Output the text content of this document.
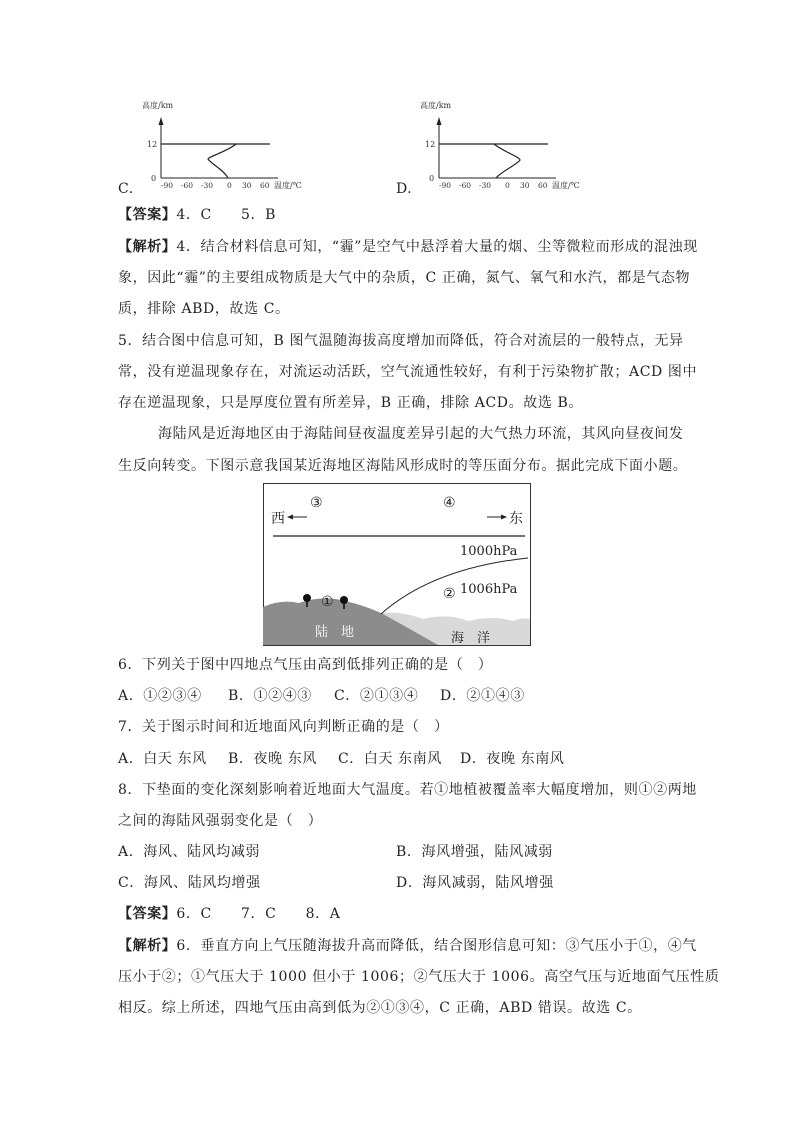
C．
高度/km
12
0
-90 -60 -30 0 30 60 温度/℃	D．
高度/km
12
0
-90 -60 -30 0 30 60 温度/℃
【答案】4．C　　5．B
【解析】4．结合材料信息可知，“霾”是空气中悬浮着大量的烟、尘等微粒而形成的混浊现
象，因此“霾”的主要组成物质是大气中的杂质，C 正确，氮气、氧气和水汽，都是气态物
质，排除 ABD，故选 C。
5．结合图中信息可知，B 图气温随海拔高度增加而降低，符合对流层的一般特点，无异
常，没有逆温现象存在，对流运动活跃，空气流通性较好，有利于污染物扩散；ACD 图中
存在逆温现象，只是厚度位置有所差异，B 正确，排除 ACD。故选 B。
海陆风是近海地区由于海陆间昼夜温度差异引起的大气热力环流，其风向昼夜间发
生反向转变。下图示意我国某近海地区海陆风形成时的等压面分布。据此完成下面小题。
③	④
西	东
1000hPa
1006hPa
①	②
陆　地	海　洋
6．下列关于图中四地点气压由高到低排列正确的是（　）
A．①②③④ B．①②④③ C．②①③④ D．②①④③
7．关于图示时间和近地面风向判断正确的是（　）
A．白天 东风 B．夜晚 东风 C．白天 东南风 D．夜晚 东南风
8．下垫面的变化深刻影响着近地面大气温度。若①地植被覆盖率大幅度增加，则①②两地
之间的海陆风强弱变化是（　）
A．海风、陆风均减弱	B．海风增强，陆风减弱
C．海风、陆风均增强	D．海风减弱，陆风增强
【答案】6．C　　7．C　　8．A
【解析】6．垂直方向上气压随海拔升高而降低，结合图形信息可知：③气压小于①，④气
压小于②；①气压大于 1000 但小于 1006；②气压大于 1006。高空气压与近地面气压性质
相反。综上所述，四地气压由高到低为②①③④，C 正确，ABD 错误。故选 C。
